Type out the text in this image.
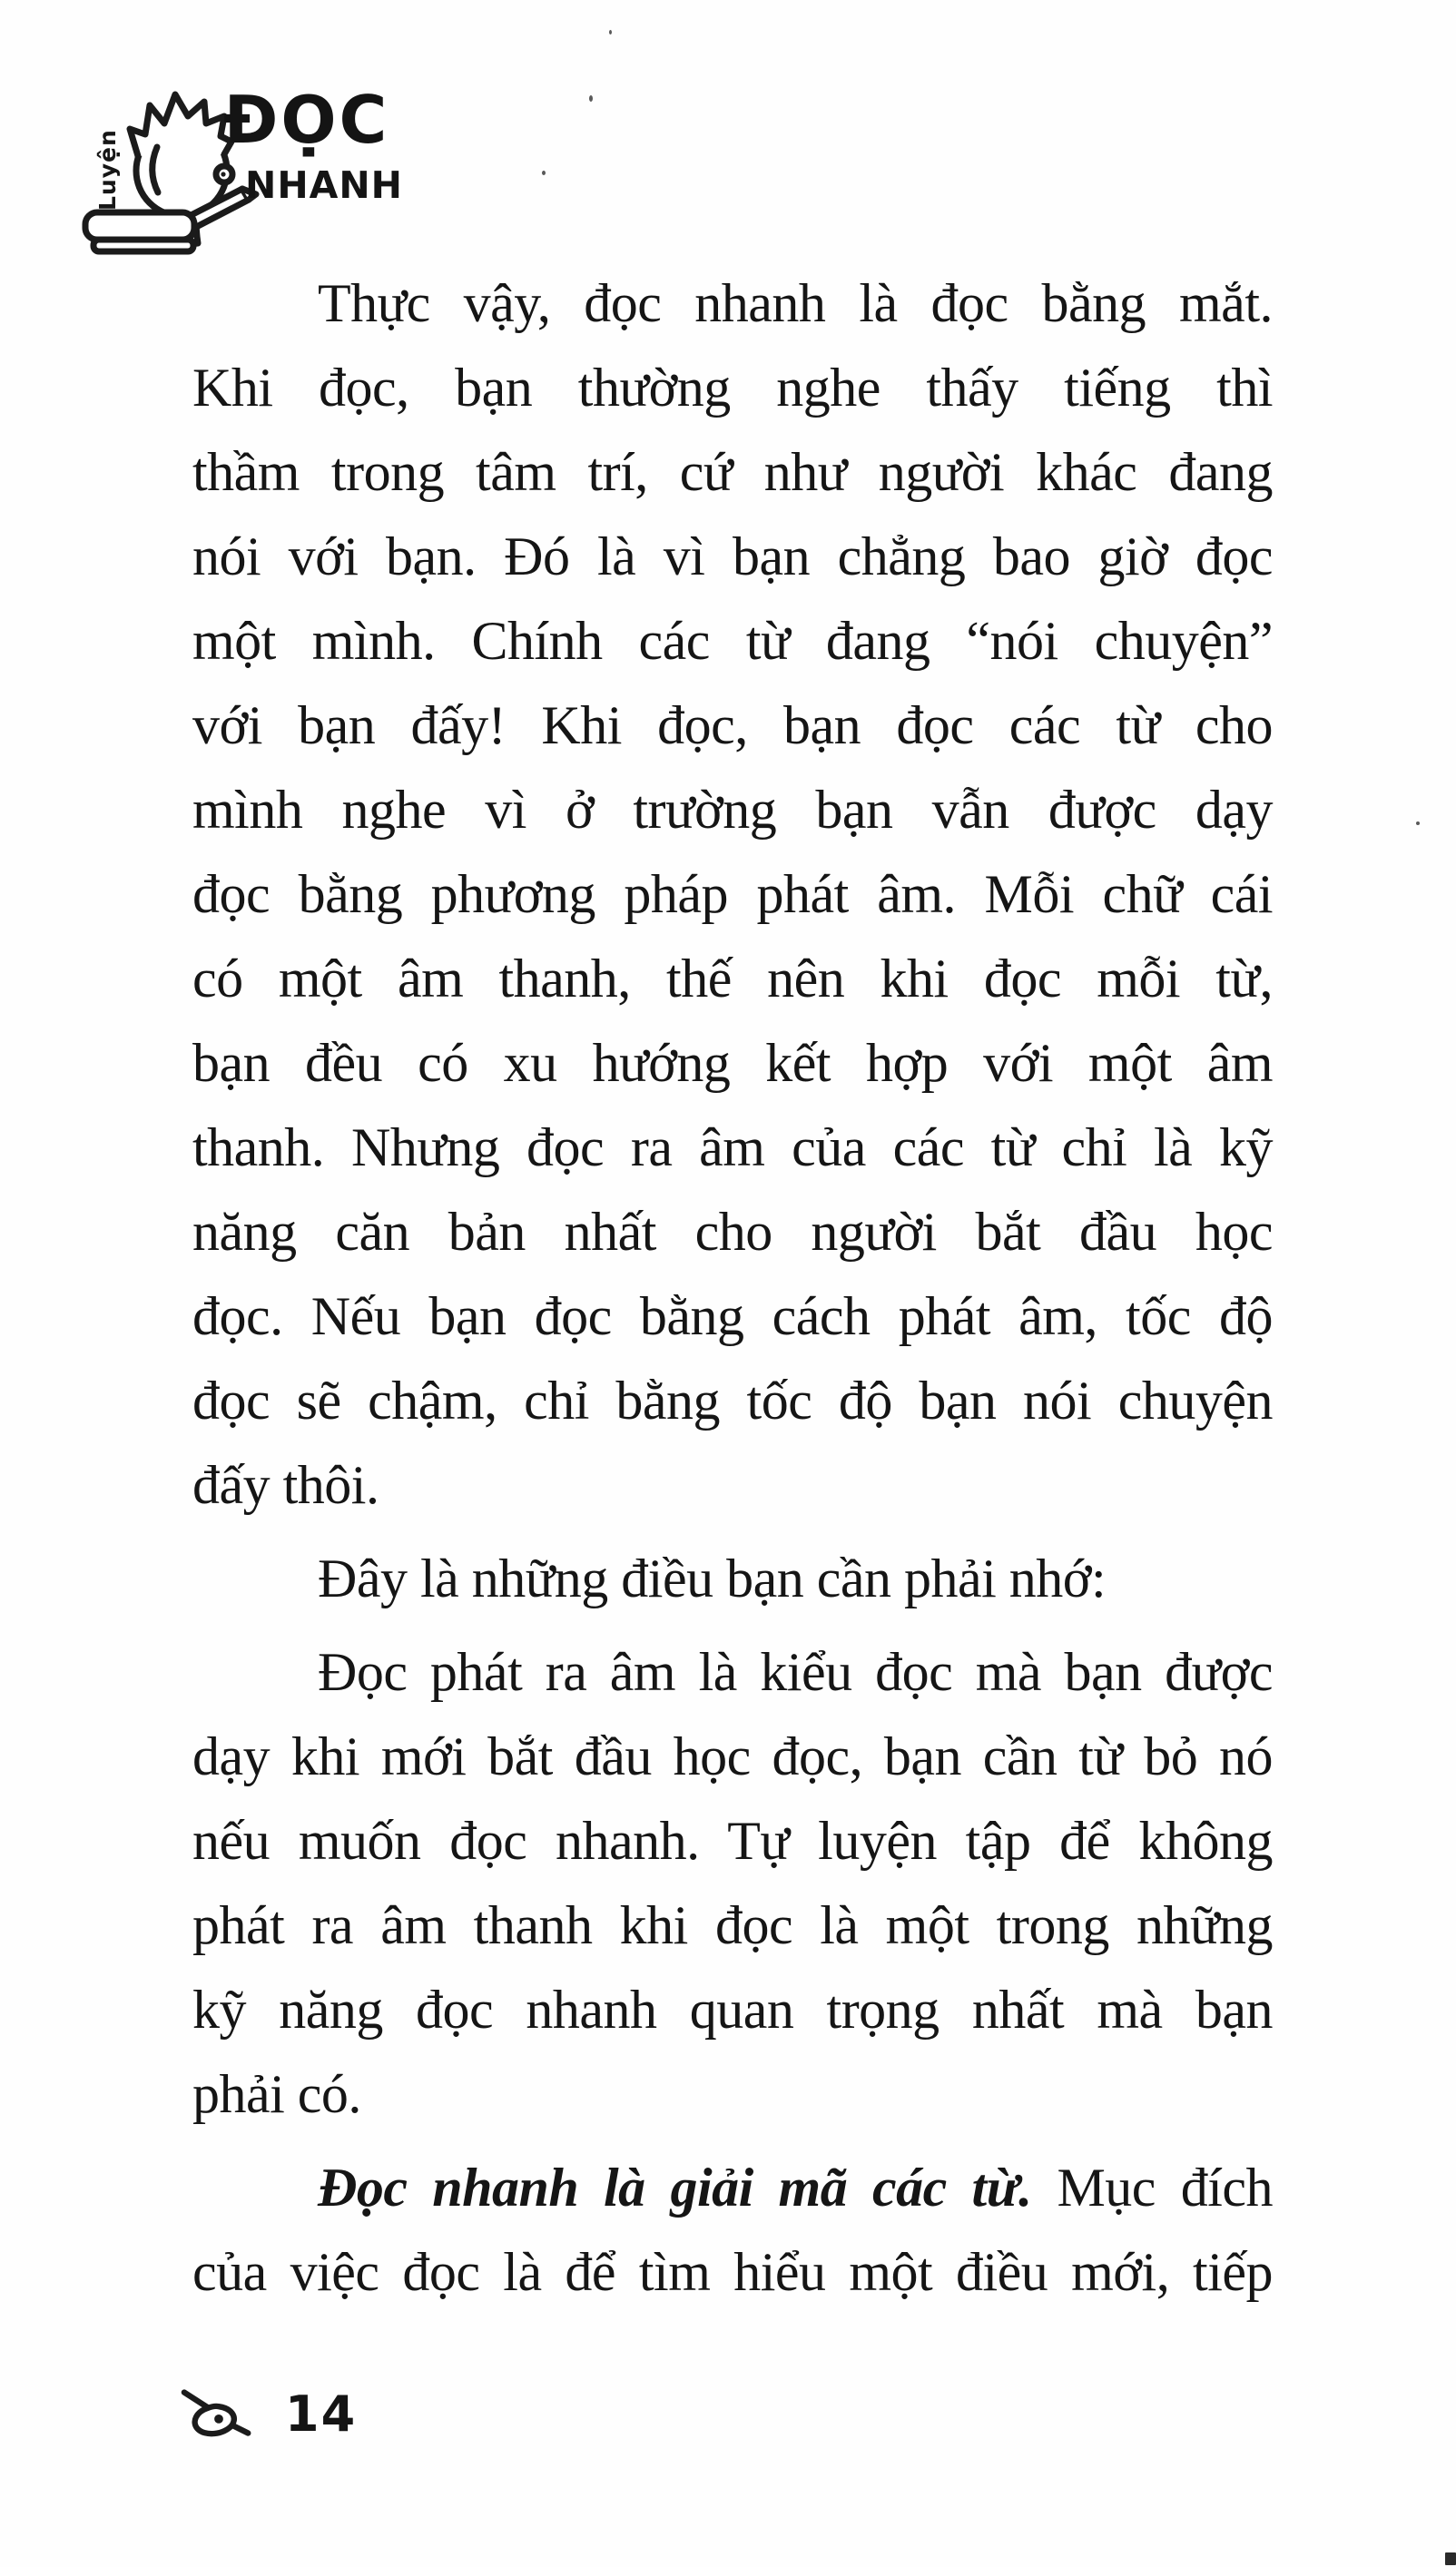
Luyện
ĐỌC
NHANH
Thực vậy, đọc nhanh là đọc bằng mắt.
Khi đọc, bạn thường nghe thấy tiếng thì
thầm trong tâm trí, cứ như người khác đang
nói với bạn. Đó là vì bạn chẳng bao giờ đọc
một mình. Chính các từ đang “nói chuyện”
với bạn đấy! Khi đọc, bạn đọc các từ cho
mình nghe vì ở trường bạn vẫn được dạy
đọc bằng phương pháp phát âm. Mỗi chữ cái
có một âm thanh, thế nên khi đọc mỗi từ,
bạn đều có xu hướng kết hợp với một âm
thanh. Nhưng đọc ra âm của các từ chỉ là kỹ
năng căn bản nhất cho người bắt đầu học
đọc. Nếu bạn đọc bằng cách phát âm, tốc độ
đọc sẽ chậm, chỉ bằng tốc độ bạn nói chuyện
đấy thôi.
Đây là những điều bạn cần phải nhớ:
Đọc phát ra âm là kiểu đọc mà bạn được
dạy khi mới bắt đầu học đọc, bạn cần từ bỏ nó
nếu muốn đọc nhanh. Tự luyện tập để không
phát ra âm thanh khi đọc là một trong những
kỹ năng đọc nhanh quan trọng nhất mà bạn
phải có.
Đọc nhanh là giải mã các từ. Mục đích
của việc đọc là để tìm hiểu một điều mới, tiếp
14
